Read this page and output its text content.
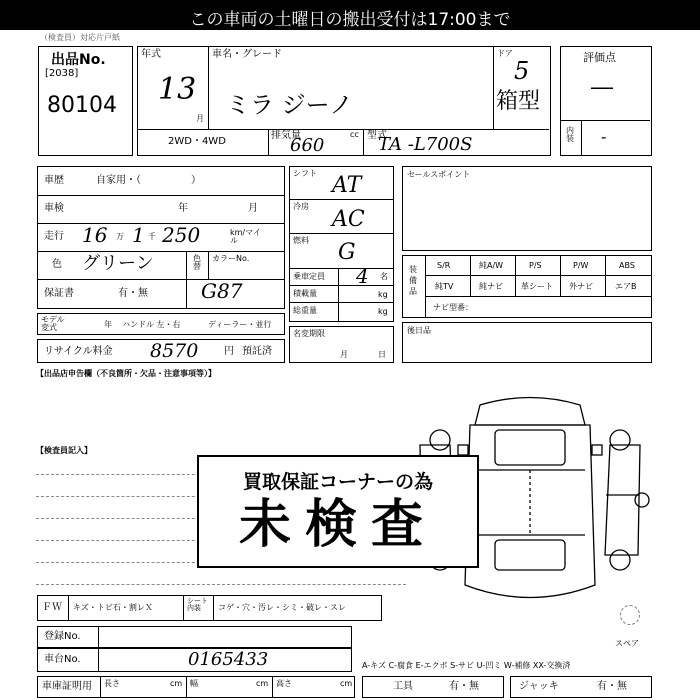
この車両の土曜日の搬出受付は17:00まで
（検査員）対応片戸紙
出品No.
[2038]
80104
年式
13
月
車名・グレード
ミラ ジーノ
ドア
5
箱型
2WD・4WD
排気量
660
cc 型式
TA -L700S
評価点
―
内装 -
車歴	自家用・（　　　　　）
車検	年	月
走行 16 万 1 千 250	km/マイル
色 グリーン	色替
カラーNo.
保証書	有・無	G87
モデル変式	年 ハンドル 左・右	ディーラー・並行
リサイクル料金 8570	円 預託済
シフト AT
冷房
AC
燃料 G
乗車定員 4 名
積載量	kg
総重量	kg
名変期限
月	日
セールスポイント
装備品
S/R	純A/W	P/S	P/W	ABS
純TV	純ナビ 革シート 外ナビ	エアB
ナビ型番：
後日品
【出品店申告欄（不良箇所・欠品・注意事項等）】
【検査員記入】
スペア
買取保証コーナーの為
未検査
ＦＷ キズ・トビ石・割レＸ
シート内装	コゲ・穴・汚レ・シミ・破レ・スレ
登録No.
車台No.	0165433
車庫証明用 長さ	cm 幅	cm 高さ	cm
A-キズ C-腐食 E-エクボ S-サビ U-凹ミ W-補修 XX-交換済
工具	有・無	ジャッキ	有・無
